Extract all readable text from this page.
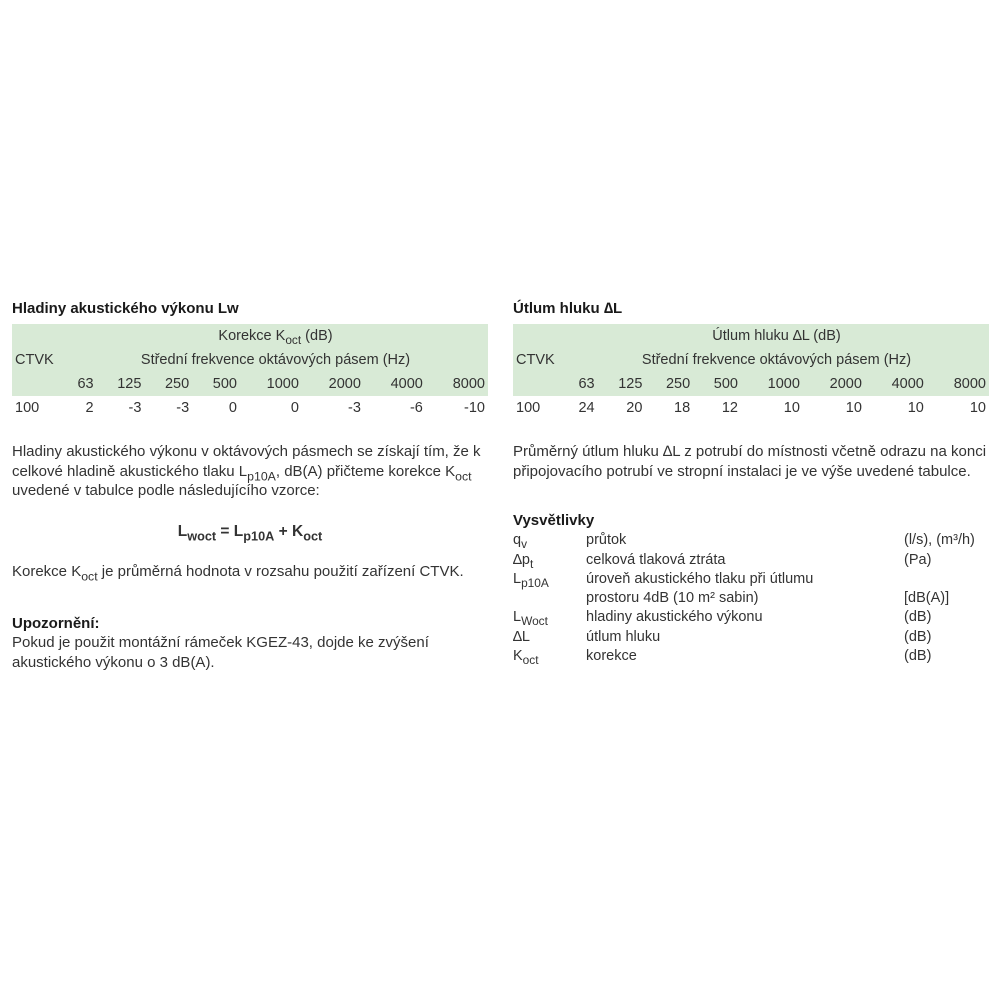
Hladiny akustického výkonu Lw
	Korekce $K_{oct}$ (dB)							
CTVK	Střední frekvence oktávových pásem (Hz)							
	63	125	250	500	1000	2000	4000	8000
100	2	-3	-3	0	0	-3	-6	-10

Hladiny akustického výkonu v oktávových pásmech se získají tím, že k celkové hladině akustického tlaku $L_{p10A}$, dB(A) přičteme korekce $K_{oct}$ uvedené v tabulce podle následujícího vzorce:

$L_{woct} = L_{p10A} + K_{oct}$

Korekce $K_{oct}$ je průměrná hodnota v rozsahu použití zařízení CTVK.

Upozornění:

Pokud je použit montážní rámeček KGEZ-43, dojde ke zvýšení akustického výkonu o 3 dB(A).

Útlum hluku ∆L
	Útlum hluku ∆L (dB)							
CTVK	Střední frekvence oktávových pásem (Hz)							
	63	125	250	500	1000	2000	4000	8000
100	24	20	18	12	10	10	10	10

Průměrný útlum hluku ∆L z potrubí do místnosti včetně odrazu na konci připojovacího potrubí ve stropní instalaci je ve výše uvedené tabulce.

Vysvětlivky

$q_v$	průtok	(l/s), (m³/h)
$\Delta p_t$	celková tlaková ztráta	(Pa)
$L_{p10A}$	úroveň akustického tlaku při útlumu	
	prostoru 4dB (10 m² sabin)	[dB(A)]
$L_{Woct}$	hladiny akustického výkonu	(dB)
∆L	útlum hluku	(dB)
$K_{oct}$	korekce	(dB)
